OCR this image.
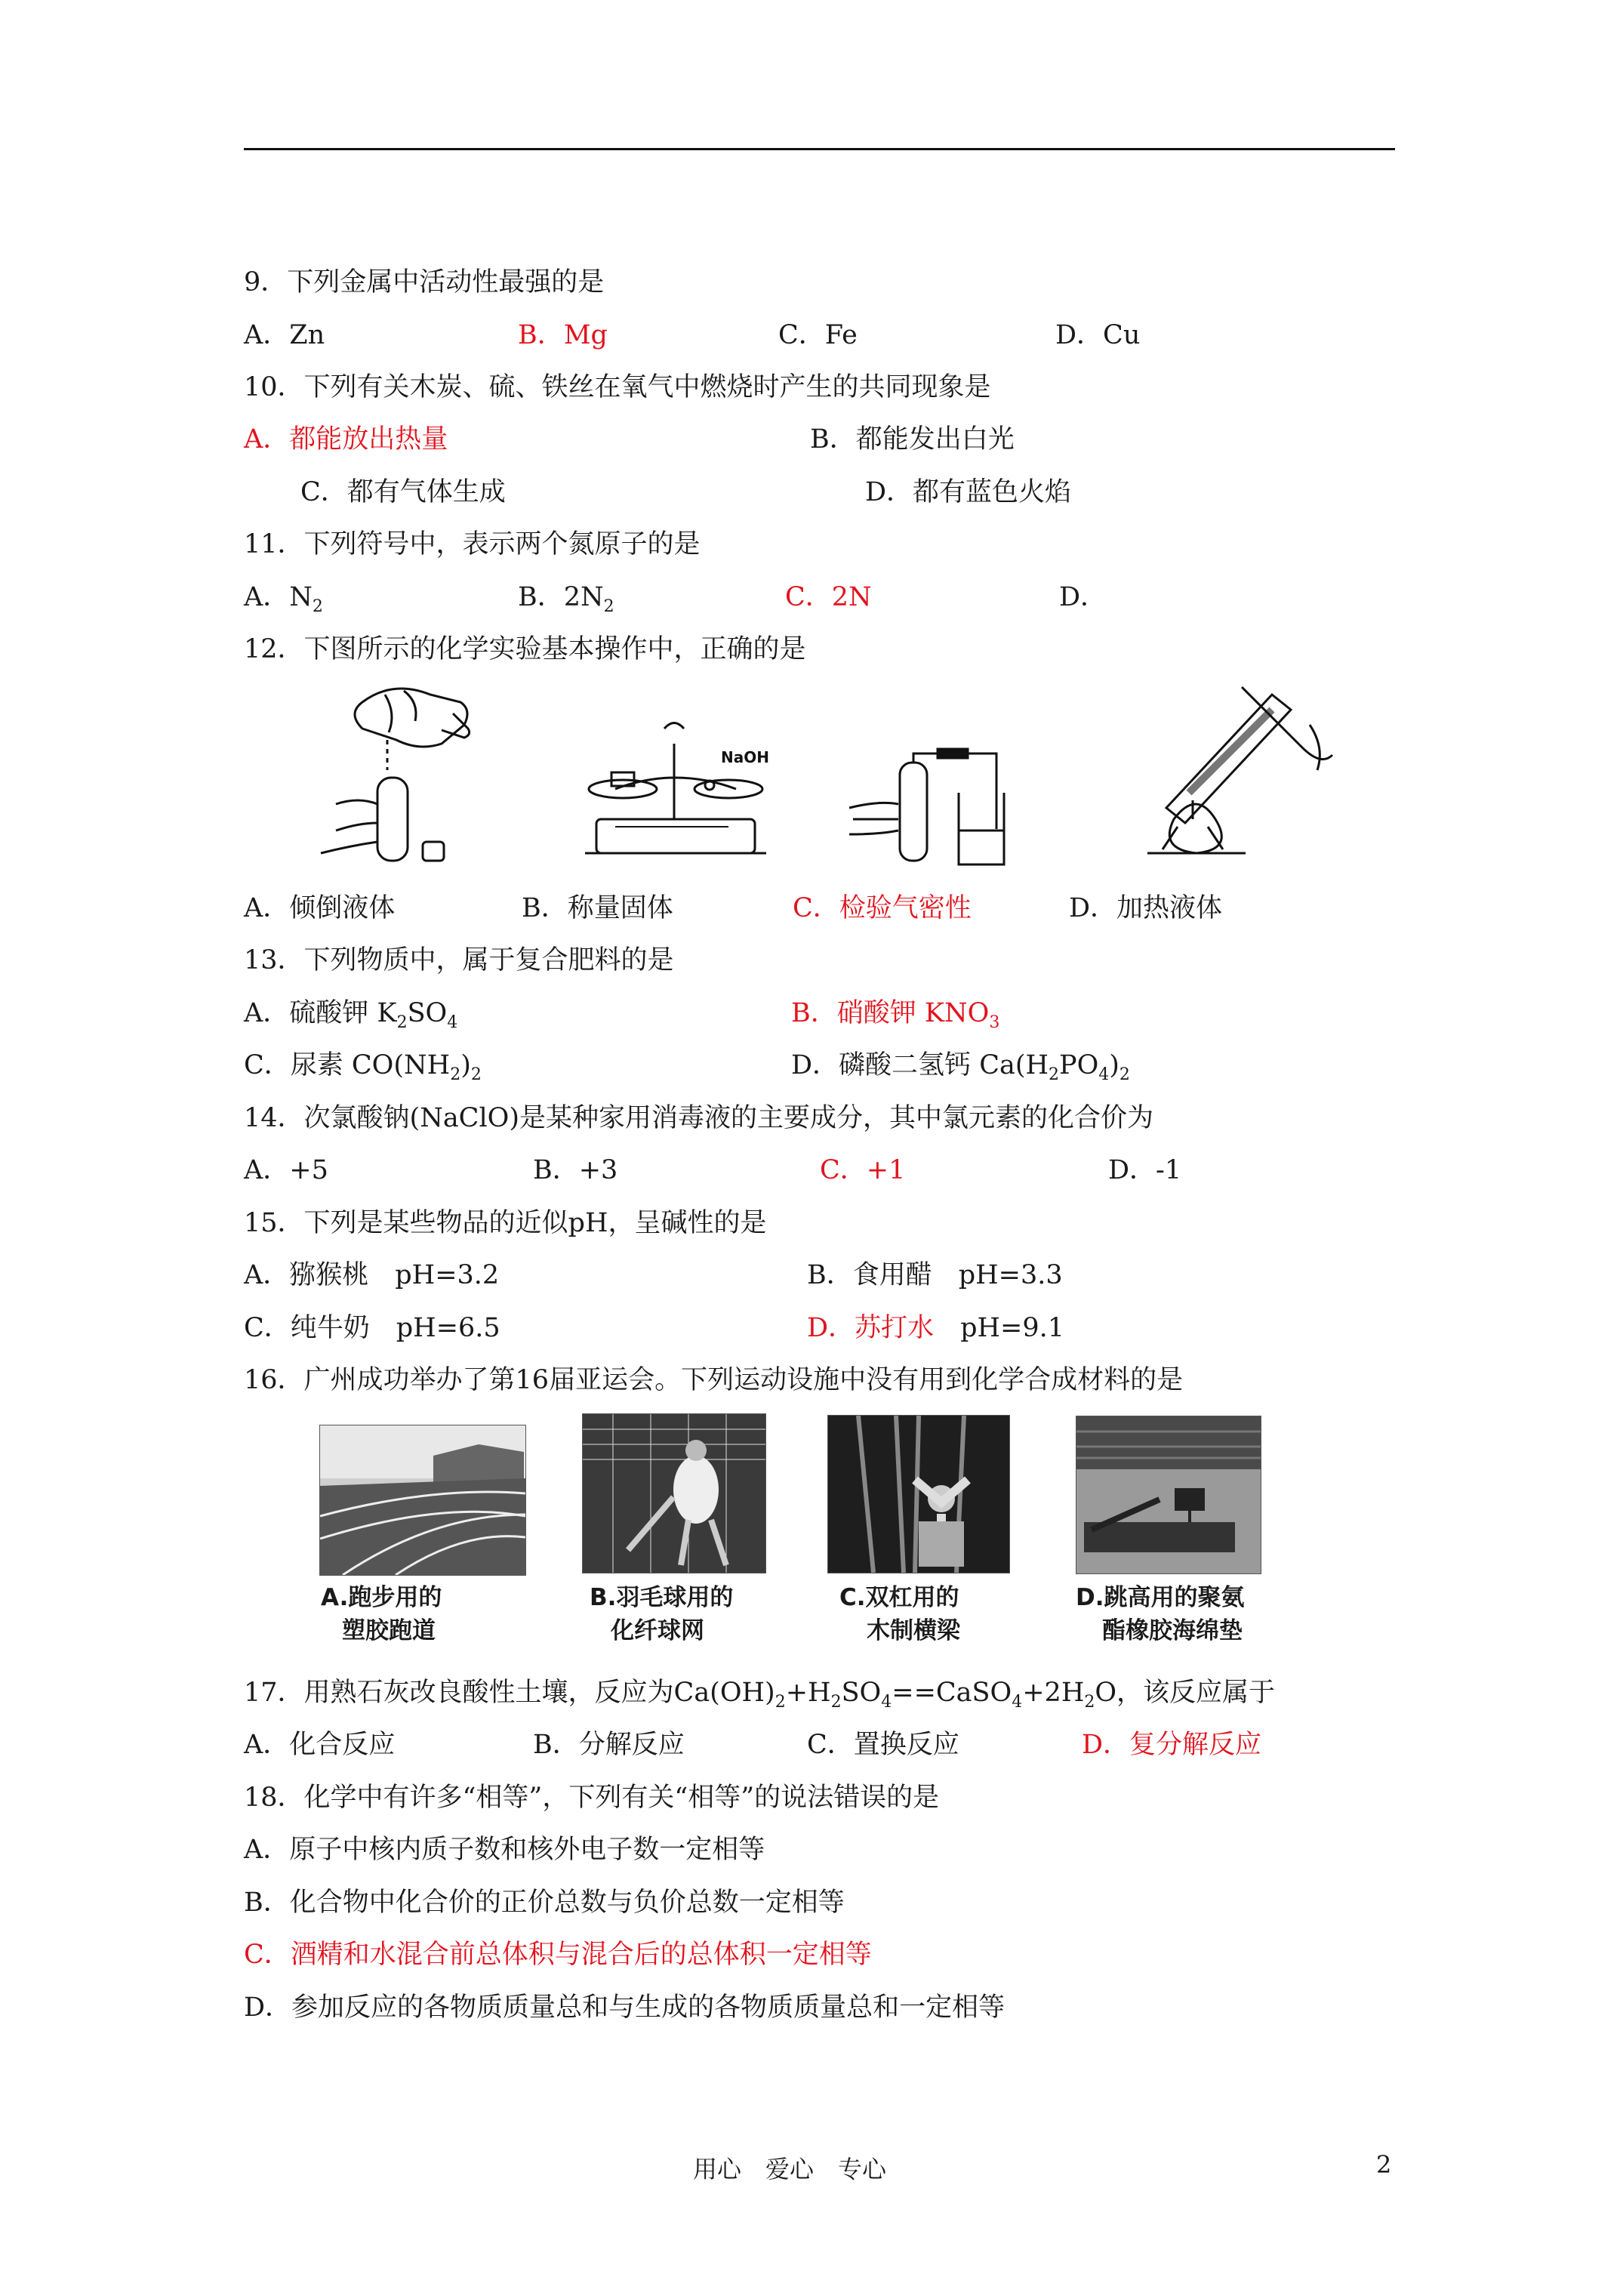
9．下列金属中活动性最强的是
A．Zn	B．Mg	C．Fe	D．Cu
10．下列有关木炭、硫、铁丝在氧气中燃烧时产生的共同现象是
A．都能放出热量	B．都能发出白光
C．都有气体生成	D．都有蓝色火焰
11．下列符号中，表示两个氮原子的是
A．$N_2$	B．$2N_2$	C．2N	D．
12．下图所示的化学实验基本操作中，正确的是
NaOH
A．倾倒液体	B．称量固体	C．检验气密性	D．加热液体
13．下列物质中，属于复合肥料的是
A．硫酸钾 $K_2SO_4$	B．硝酸钾 $KNO_3$
C．尿素 $CO(NH_2)_2$	D．磷酸二氢钙 $Ca(H_2PO_4)_2$
14．次氯酸钠(NaClO)是某种家用消毒液的主要成分，其中氯元素的化合价为
A．+5	B．+3	C．+1	D．-1
15．下列是某些物品的近似pH，呈碱性的是
A．猕猴桃　pH=3.2	B．食用醋　pH=3.3
C．纯牛奶　pH=6.5	D．苏打水　pH=9.1
16．广州成功举办了第16届亚运会。下列运动设施中没有用到化学合成材料的是
A.跑步用的
塑胶跑道
B.羽毛球用的
化纤球网
C.双杠用的
木制横梁
D.跳高用的聚氨
酯橡胶海绵垫
17．用熟石灰改良酸性土壤，反应为$Ca(OH)_2+H_2SO_4==CaSO_4+2H_2O$，该反应属于
A．化合反应	B．分解反应	C．置换反应	D．复分解反应
18．化学中有许多“相等”，下列有关“相等”的说法错误的是
A．原子中核内质子数和核外电子数一定相等
B．化合物中化合价的正价总数与负价总数一定相等
C．酒精和水混合前总体积与混合后的总体积一定相等
D．参加反应的各物质质量总和与生成的各物质质量总和一定相等
用心　爱心　专心	2
